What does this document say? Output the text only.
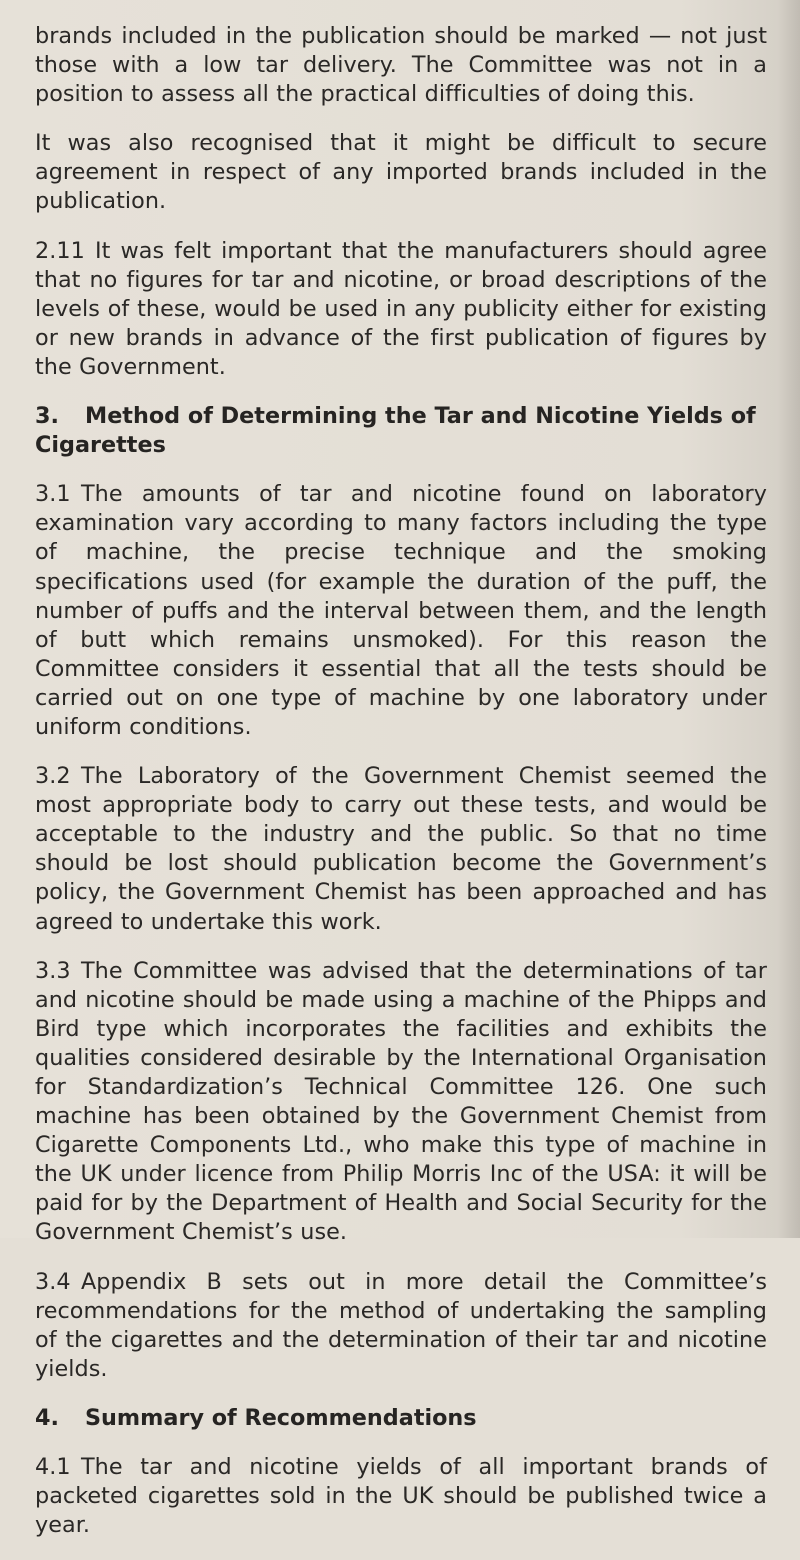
brands included in the publication should be marked — not just those with a low tar delivery. The Committee was not in a position to assess all the practical difficulties of doing this.

It was also recognised that it might be difficult to secure agreement in respect of any imported brands included in the publication.

2.11 It was felt important that the manufacturers should agree that no figures for tar and nicotine, or broad descriptions of the levels of these, would be used in any publicity either for existing or new brands in advance of the first publication of figures by the Government.

3. Method of Determining the Tar and Nicotine Yields of Cigarettes

3.1 The amounts of tar and nicotine found on laboratory examination vary according to many factors including the type of machine, the precise technique and the smoking specifications used (for example the duration of the puff, the number of puffs and the interval between them, and the length of butt which remains unsmoked). For this reason the Committee considers it essential that all the tests should be carried out on one type of machine by one laboratory under uniform conditions.

3.2 The Laboratory of the Government Chemist seemed the most appropriate body to carry out these tests, and would be acceptable to the industry and the public. So that no time should be lost should publication become the Government’s policy, the Government Chemist has been approached and has agreed to undertake this work.

3.3 The Committee was advised that the determinations of tar and nicotine should be made using a machine of the Phipps and Bird type which incorporates the facilities and exhibits the qualities considered desirable by the International Organisation for Standardization’s Technical Committee 126. One such machine has been obtained by the Government Chemist from Cigarette Components Ltd., who make this type of machine in the UK under licence from Philip Morris Inc of the USA: it will be paid for by the Department of Health and Social Security for the Government Chemist’s use.

3.4 Appendix B sets out in more detail the Committee’s recommendations for the method of undertaking the sampling of the cigarettes and the determination of their tar and nicotine yields.

4. Summary of Recommendations

4.1 The tar and nicotine yields of all important brands of packeted cigarettes sold in the UK should be published twice a year.
